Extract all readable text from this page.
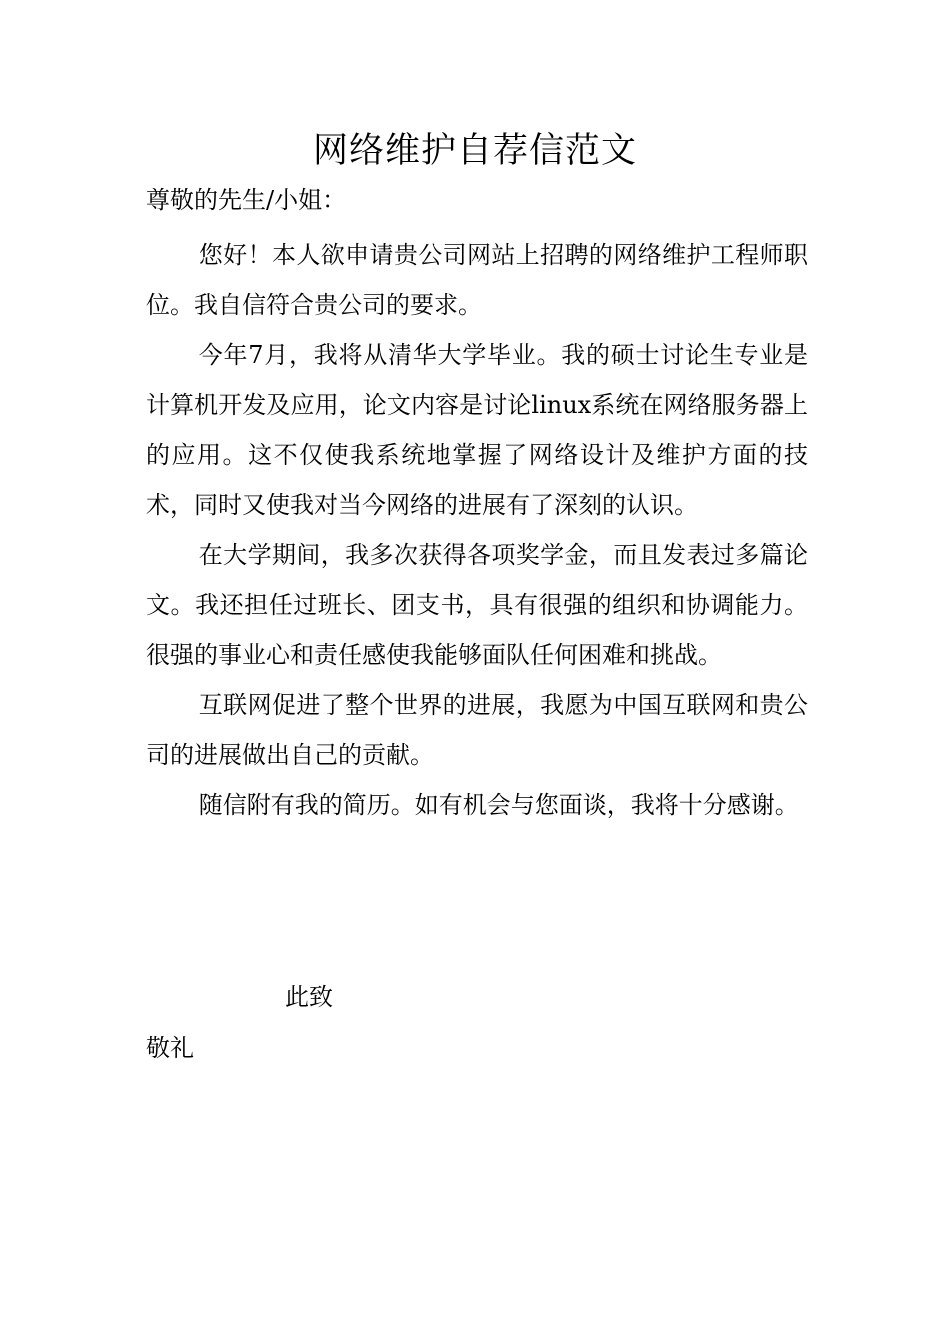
网络维护自荐信范文

尊敬的先生/小姐：

您好！本人欲申请贵公司网站上招聘的网络维护工程师职位。我自信符合贵公司的要求。

今年7月，我将从清华大学毕业。我的硕士讨论生专业是计算机开发及应用，论文内容是讨论linux系统在网络服务器上的应用。这不仅使我系统地掌握了网络设计及维护方面的技术，同时又使我对当今网络的进展有了深刻的认识。

在大学期间，我多次获得各项奖学金，而且发表过多篇论文。我还担任过班长、团支书，具有很强的组织和协调能力。很强的事业心和责任感使我能够面队任何困难和挑战。

互联网促进了整个世界的进展，我愿为中国互联网和贵公司的进展做出自己的贡献。

随信附有我的简历。如有机会与您面谈，我将十分感谢。

此致

敬礼
